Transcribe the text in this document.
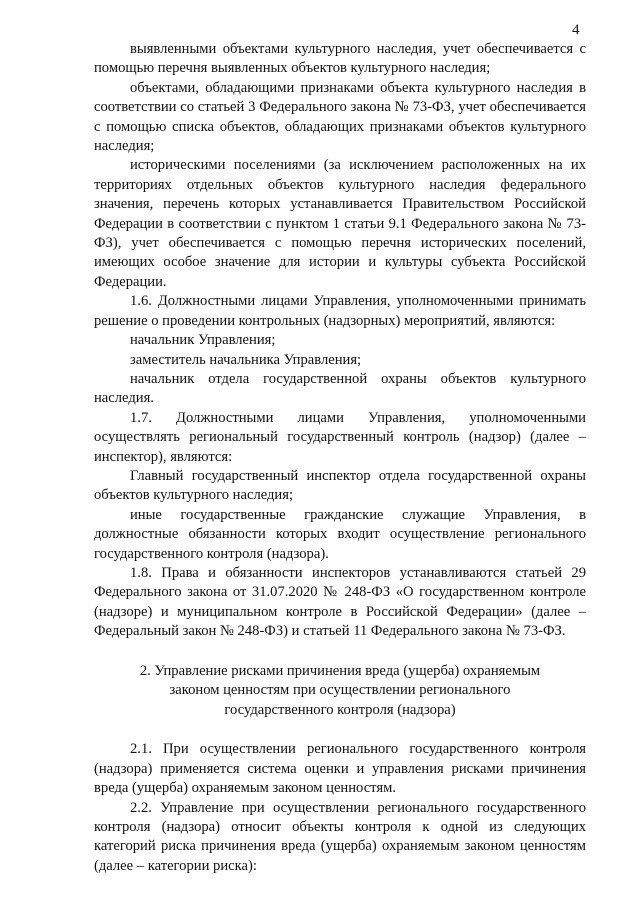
4

выявленными объектами культурного наследия, учет обеспечивается с помощью перечня выявленных объектов культурного наследия;

объектами, обладающими признаками объекта культурного наследия в соответствии со статьей 3 Федерального закона № 73-ФЗ, учет обеспечивается с помощью списка объектов, обладающих признаками объектов культурного наследия;

историческими поселениями (за исключением расположенных на их территориях отдельных объектов культурного наследия федерального значения, перечень которых устанавливается Правительством Российской Федерации в соответствии с пунктом 1 статьи 9.1 Федерального закона № 73-ФЗ), учет обеспечивается с помощью перечня исторических поселений, имеющих особое значение для истории и культуры субъекта Российской Федерации.

1.6. Должностными лицами Управления, уполномоченными принимать решение о проведении контрольных (надзорных) мероприятий, являются:

начальник Управления;

заместитель начальника Управления;

начальник отдела государственной охраны объектов культурного наследия.

1.7. Должностными лицами Управления, уполномоченными осуществлять региональный государственный контроль (надзор) (далее – инспектор), являются:

Главный государственный инспектор отдела государственной охраны объектов культурного наследия;

иные государственные гражданские служащие Управления, в должностные обязанности которых входит осуществление регионального государственного контроля (надзора).

1.8. Права и обязанности инспекторов устанавливаются статьей 29 Федерального закона от 31.07.2020 № 248-ФЗ «О государственном контроле (надзоре) и муниципальном контроле в Российской Федерации» (далее – Федеральный закон № 248-ФЗ) и статьей 11 Федерального закона № 73-ФЗ.

2. Управление рисками причинения вреда (ущерба) охраняемым
законом ценностям при осуществлении регионального
государственного контроля (надзора)

2.1. При осуществлении регионального государственного контроля (надзора) применяется система оценки и управления рисками причинения вреда (ущерба) охраняемым законом ценностям.

2.2. Управление при осуществлении регионального государственного контроля (надзора) относит объекты контроля к одной из следующих категорий риска причинения вреда (ущерба) охраняемым законом ценностям (далее – категории риска):
